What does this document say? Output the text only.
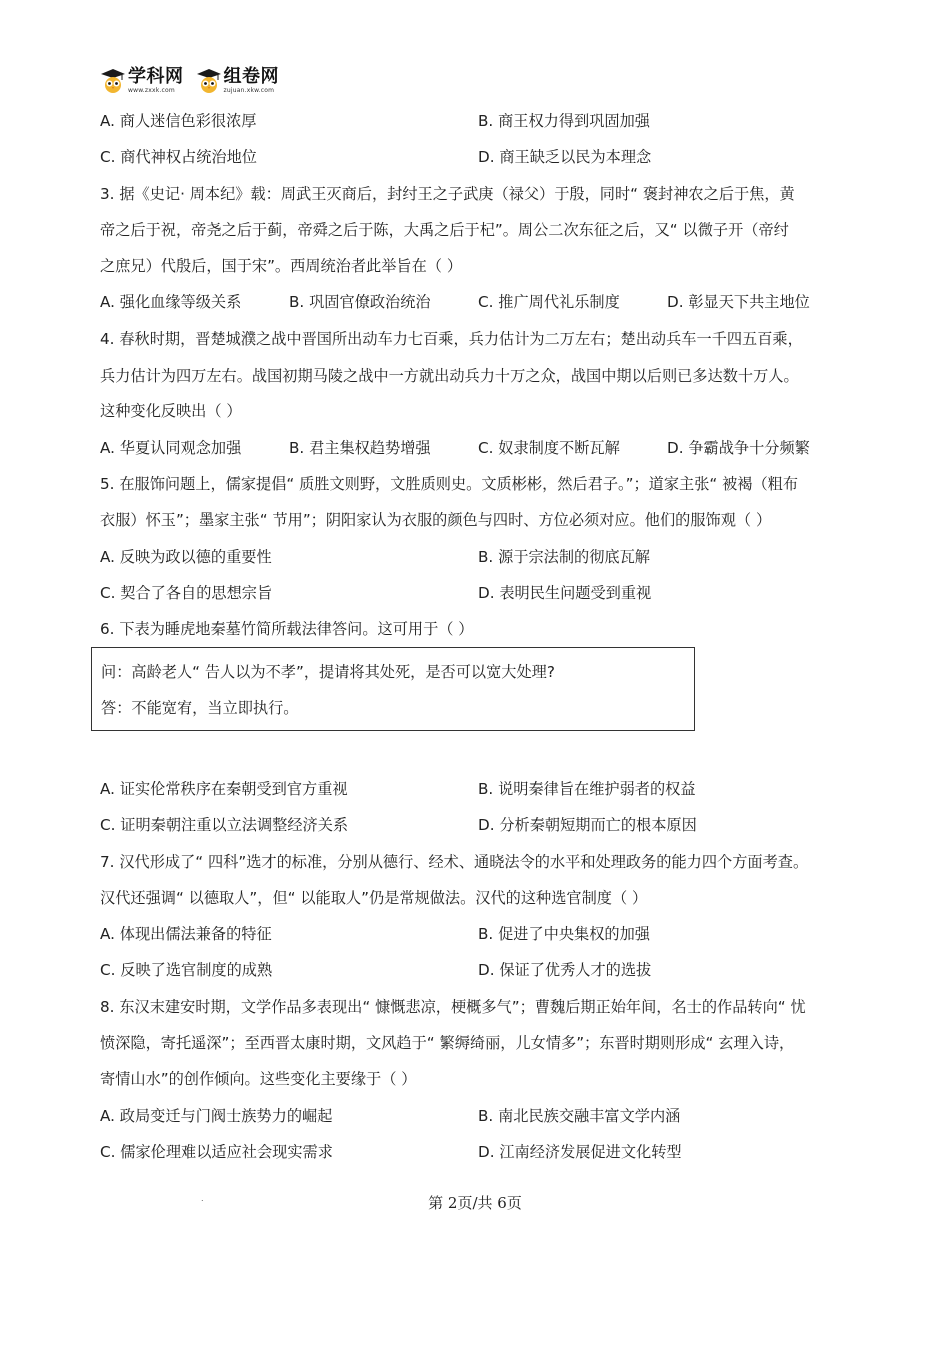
学科网
www.zxxk.com
组卷网
zujuan.xkw.com
A. 商人迷信色彩很浓厚	B. 商王权力得到巩固加强
C. 商代神权占统治地位	D. 商王缺乏以民为本理念
3. 据《史记· 周本纪》载：周武王灭商后，封纣王之子武庚（禄父）于殷，同时“ 褒封神农之后于焦，黄
帝之后于祝，帝尧之后于蓟，帝舜之后于陈，大禹之后于杞”。周公二次东征之后，又“ 以微子开（帝纣
之庶兄）代殷后，国于宋”。西周统治者此举旨在（ ）
A. 强化血缘等级关系	B. 巩固官僚政治统治	C. 推广周代礼乐制度	D. 彰显天下共主地位
4. 春秋时期，晋楚城濮之战中晋国所出动车力七百乘，兵力估计为二万左右；楚出动兵车一千四五百乘，
兵力估计为四万左右。战国初期马陵之战中一方就出动兵力十万之众，战国中期以后则已多达数十万人。
这种变化反映出（ ）
A. 华夏认同观念加强	B. 君主集权趋势增强	C. 奴隶制度不断瓦解	D. 争霸战争十分频繁
5. 在服饰问题上，儒家提倡“ 质胜文则野，文胜质则史。文质彬彬，然后君子。”；道家主张“ 被褐（粗布
衣服）怀玉”；墨家主张“ 节用”；阴阳家认为衣服的颜色与四时、方位必须对应。他们的服饰观（ ）
A. 反映为政以德的重要性	B. 源于宗法制的彻底瓦解
C. 契合了各自的思想宗旨	D. 表明民生问题受到重视
6. 下表为睡虎地秦墓竹简所载法律答问。这可用于（ ）
问：高龄老人“ 告人以为不孝”，提请将其处死，是否可以宽大处理?
答：不能宽宥，当立即执行。
A. 证实伦常秩序在秦朝受到官方重视	B. 说明秦律旨在维护弱者的权益
C. 证明秦朝注重以立法调整经济关系	D. 分析秦朝短期而亡的根本原因
7. 汉代形成了“ 四科”选才的标准，分别从德行、经术、通晓法令的水平和处理政务的能力四个方面考查。
汉代还强调“ 以德取人”，但“ 以能取人”仍是常规做法。汉代的这种选官制度（ ）
A. 体现出儒法兼备的特征	B. 促进了中央集权的加强
C. 反映了选官制度的成熟	D. 保证了优秀人才的选拔
8. 东汉末建安时期，文学作品多表现出“ 慷慨悲凉，梗概多气”；曹魏后期正始年间，名士的作品转向“ 忧
愤深隐，寄托遥深”；至西晋太康时期，文风趋于“ 繁缛绮丽，儿女情多”；东晋时期则形成“ 玄理入诗，
寄情山水”的创作倾向。这些变化主要缘于（ ）
A. 政局变迁与门阀士族势力的崛起	B. 南北民族交融丰富文学内涵
C. 儒家伦理难以适应社会现实需求	D. 江南经济发展促进文化转型
.	第 2页/共 6页
